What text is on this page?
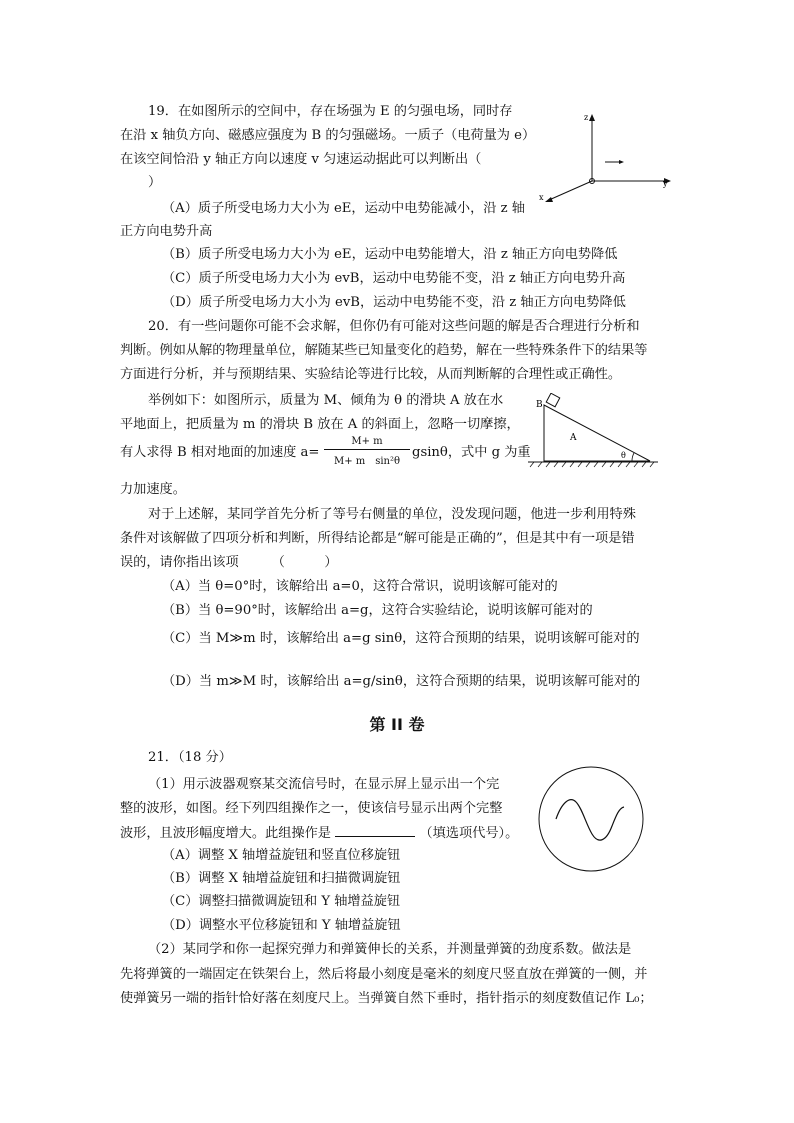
19．在如图所示的空间中，存在场强为 E 的匀强电场，同时存
在沿 x 轴负方向、磁感应强度为 B 的匀强磁场。一质子（电荷量为 e）
在该空间恰沿 y 轴正方向以速度 v 匀速运动据此可以判断出（
）
（A）质子所受电场力大小为 eE，运动中电势能减小，沿 z 轴
正方向电势升高
（B）质子所受电场力大小为 eE，运动中电势能增大，沿 z 轴正方向电势降低
（C）质子所受电场力大小为 evB，运动中电势能不变，沿 z 轴正方向电势升高
（D）质子所受电场力大小为 evB，运动中电势能不变，沿 z 轴正方向电势降低
z
x
y
20．有一些问题你可能不会求解，但你仍有可能对这些问题的解是否合理进行分析和
判断。例如从解的物理量单位，解随某些已知量变化的趋势，解在一些特殊条件下的结果等
方面进行分析，并与预期结果、实验结论等进行比较，从而判断解的合理性或正确性。
举例如下：如图所示，质量为 M、倾角为 θ 的滑块 A 放在水
平地面上，把质量为 m 的滑块 B 放在 A 的斜面上，忽略一切摩擦，
有人求得 B 相对地面的加速度 a=
M+ m
M+ m　sin²θ
gsinθ，式中 g 为重
力加速度。
B
A
θ
对于上述解，某同学首先分析了等号右侧量的单位，没发现问题，他进一步利用特殊
条件对该解做了四项分析和判断，所得结论都是“解可能是正确的”，但是其中有一项是错
误的，请你指出该项　　　（　　　）
（A）当 θ=0°时，该解给出 a=0，这符合常识，说明该解可能对的
（B）当 θ=90°时，该解给出 a=g，这符合实验结论，说明该解可能对的
（C）当 M≫m 时，该解给出 a=g sinθ，这符合预期的结果，说明该解可能对的
（D）当 m≫M 时，该解给出 a=g/sinθ，这符合预期的结果，说明该解可能对的
第 II 卷
21．（18 分）
（1）用示波器观察某交流信号时，在显示屏上显示出一个完
整的波形，如图。经下列四组操作之一，使该信号显示出两个完整
波形，且波形幅度增大。此组操作是	（填选项代号）。
（A）调整 X 轴增益旋钮和竖直位移旋钮
（B）调整 X 轴增益旋钮和扫描微调旋钮
（C）调整扫描微调旋钮和 Y 轴增益旋钮
（D）调整水平位移旋钮和 Y 轴增益旋钮
（2）某同学和你一起探究弹力和弹簧伸长的关系，并测量弹簧的劲度系数。做法是
先将弹簧的一端固定在铁架台上，然后将最小刻度是毫米的刻度尺竖直放在弹簧的一侧，并
使弹簧另一端的指针恰好落在刻度尺上。当弹簧自然下垂时，指针指示的刻度数值记作 L₀；
